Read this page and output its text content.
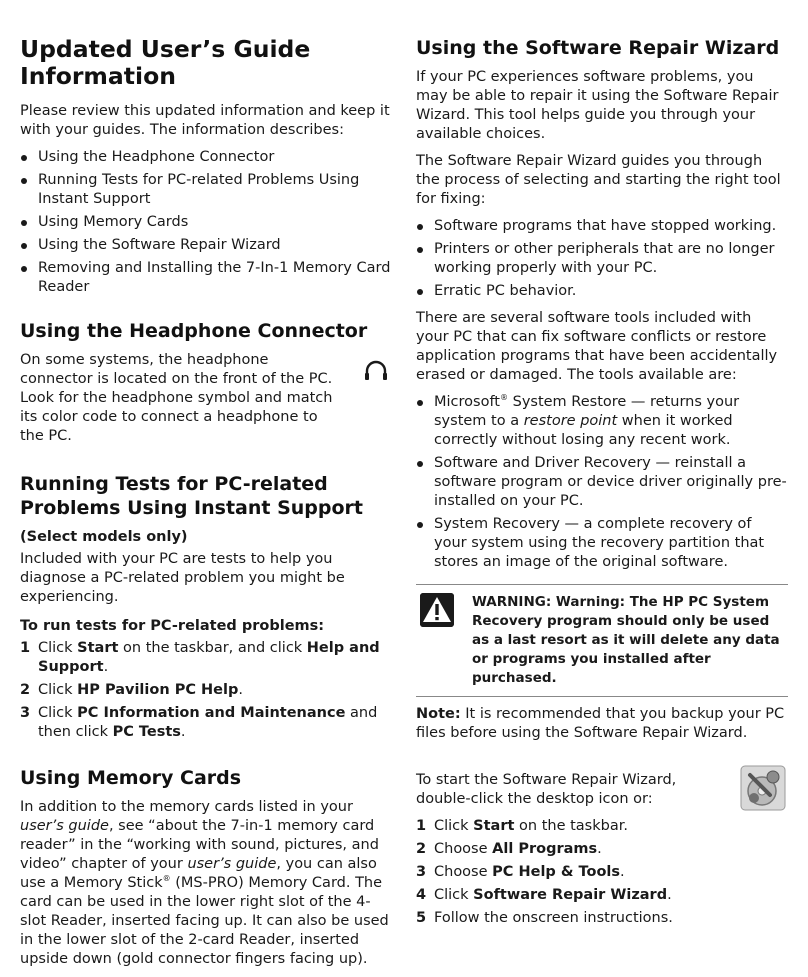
Updated User’s Guide Information

Please review this updated information and keep it with your guides. The information describes:

Using the Headphone Connector
Running Tests for PC-related Problems Using Instant Support
Using Memory Cards
Using the Software Repair Wizard
Removing and Installing the 7-In-1 Memory Card Reader
Using the Headphone Connector

On some systems, the headphone connector is located on the front of the PC. Look for the headphone symbol and match its color code to connect a headphone to the PC.

Running Tests for PC-related Problems Using Instant Support

(Select models only)

Included with your PC are tests to help you diagnose a PC-related problem you might be experiencing.

To run tests for PC-related problems:

1 Click Start on the taskbar, and click Help and Support.
2 Click HP Pavilion PC Help.
3 Click PC Information and Maintenance and then click PC Tests.
Using Memory Cards

In addition to the memory cards listed in your user’s guide, see “about the 7-in-1 memory card reader” in the “working with sound, pictures, and video” chapter of your user’s guide, you can also use a Memory Stick® (MS-PRO) Memory Card. The card can be used in the lower right slot of the 4-slot Reader, inserted facing up. It can also be used in the lower slot of the 2-card Reader, inserted upside down (gold connector fingers facing up).

Using the Software Repair Wizard

If your PC experiences software problems, you may be able to repair it using the Software Repair Wizard. This tool helps guide you through your available choices.

The Software Repair Wizard guides you through the process of selecting and starting the right tool for fixing:

Software programs that have stopped working.
Printers or other peripherals that are no longer working properly with your PC.
Erratic PC behavior.

There are several software tools included with your PC that can fix software conflicts or restore application programs that have been accidentally erased or damaged. The tools available are:

Microsoft® System Restore — returns your system to a restore point when it worked correctly without losing any recent work.
Software and Driver Recovery — reinstall a software program or device driver originally pre-installed on your PC.
System Recovery — a complete recovery of your system using the recovery partition that stores an image of the original software.
WARNING: Warning: The HP PC System Recovery program should only be used as a last resort as it will delete any data or programs you installed after purchased.

Note: It is recommended that you backup your PC files before using the Software Repair Wizard.

To start the Software Repair Wizard, double-click the desktop icon or:

1 Click Start on the taskbar.
2 Choose All Programs.
3 Choose PC Help & Tools.
4 Click Software Repair Wizard.
5 Follow the onscreen instructions.
